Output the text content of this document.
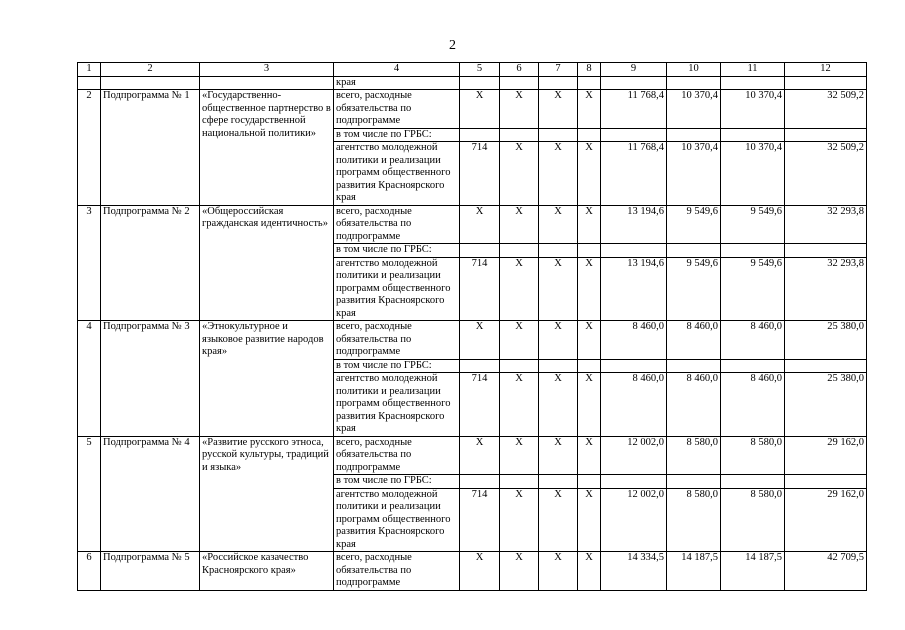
2
1	2	3	4	5	6	7	8	9	10	11	12
			края								
2	Подпрограмма № 1	«Государственно-общественное партнерство в сфере государственной национальной политики»	всего, расходные обязательства по подпрограмме	Х	Х	Х	Х	11 768,4	10 370,4	10 370,4	32 509,2
			в том числе по ГРБС:								
			агентство молодежной политики и реализации программ общественного развития Красноярского края	714	Х	Х	Х	11 768,4	10 370,4	10 370,4	32 509,2
3	Подпрограмма № 2	«Общероссийская гражданская идентичность»	всего, расходные обязательства по подпрограмме	Х	Х	Х	Х	13 194,6	9 549,6	9 549,6	32 293,8
			в том числе по ГРБС:								
			агентство молодежной политики и реализации программ общественного развития Красноярского края	714	Х	Х	Х	13 194,6	9 549,6	9 549,6	32 293,8
4	Подпрограмма № 3	«Этнокультурное и языковое развитие народов края»	всего, расходные обязательства по подпрограмме	Х	Х	Х	Х	8 460,0	8 460,0	8 460,0	25 380,0
			в том числе по ГРБС:								
			агентство молодежной политики и реализации программ общественного развития Красноярского края	714	Х	Х	Х	8 460,0	8 460,0	8 460,0	25 380,0
5	Подпрограмма № 4	«Развитие русского этноса, русской культуры, традиций и языка»	всего, расходные обязательства по подпрограмме	Х	Х	Х	Х	12 002,0	8 580,0	8 580,0	29 162,0
			в том числе по ГРБС:								
			агентство молодежной политики и реализации программ общественного развития Красноярского края	714	Х	Х	Х	12 002,0	8 580,0	8 580,0	29 162,0
6	Подпрограмма № 5	«Российское казачество Красноярского края»	всего, расходные обязательства по подпрограмме	Х	Х	Х	Х	14 334,5	14 187,5	14 187,5	42 709,5
